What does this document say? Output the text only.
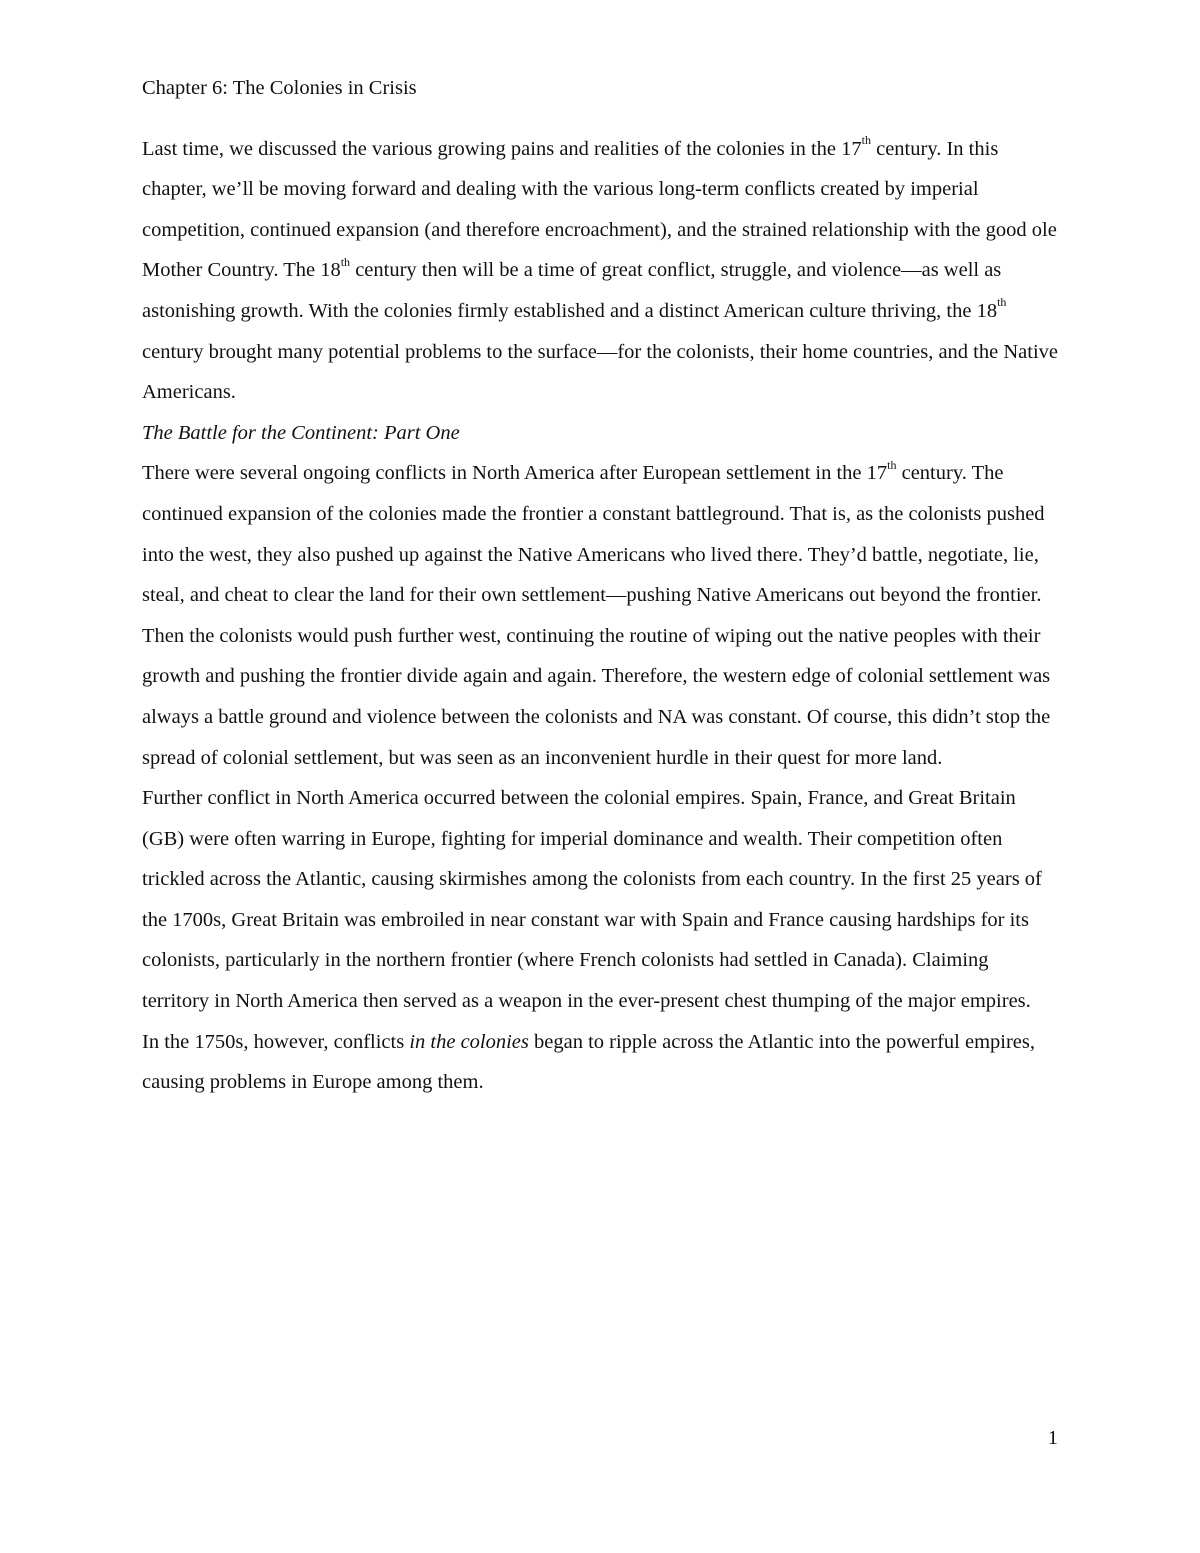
Chapter 6: The Colonies in Crisis

Last time, we discussed the various growing pains and realities of the colonies in the 17th century. In this chapter, we’ll be moving forward and dealing with the various long-term conflicts created by imperial competition, continued expansion (and therefore encroachment), and the strained relationship with the good ole Mother Country. The 18th century then will be a time of great conflict, struggle, and violence—as well as astonishing growth. With the colonies firmly established and a distinct American culture thriving, the 18th century brought many potential problems to the surface—for the colonists, their home countries, and the Native Americans.

The Battle for the Continent: Part One

There were several ongoing conflicts in North America after European settlement in the 17th century. The continued expansion of the colonies made the frontier a constant battleground. That is, as the colonists pushed into the west, they also pushed up against the Native Americans who lived there. They’d battle, negotiate, lie, steal, and cheat to clear the land for their own settlement—pushing Native Americans out beyond the frontier. Then the colonists would push further west, continuing the routine of wiping out the native peoples with their growth and pushing the frontier divide again and again. Therefore, the western edge of colonial settlement was always a battle ground and violence between the colonists and NA was constant. Of course, this didn’t stop the spread of colonial settlement, but was seen as an inconvenient hurdle in their quest for more land.

Further conflict in North America occurred between the colonial empires. Spain, France, and Great Britain (GB) were often warring in Europe, fighting for imperial dominance and wealth. Their competition often trickled across the Atlantic, causing skirmishes among the colonists from each country. In the first 25 years of the 1700s, Great Britain was embroiled in near constant war with Spain and France causing hardships for its colonists, particularly in the northern frontier (where French colonists had settled in Canada). Claiming territory in North America then served as a weapon in the ever-present chest thumping of the major empires.

In the 1750s, however, conflicts in the colonies began to ripple across the Atlantic into the powerful empires, causing problems in Europe among them.

1
